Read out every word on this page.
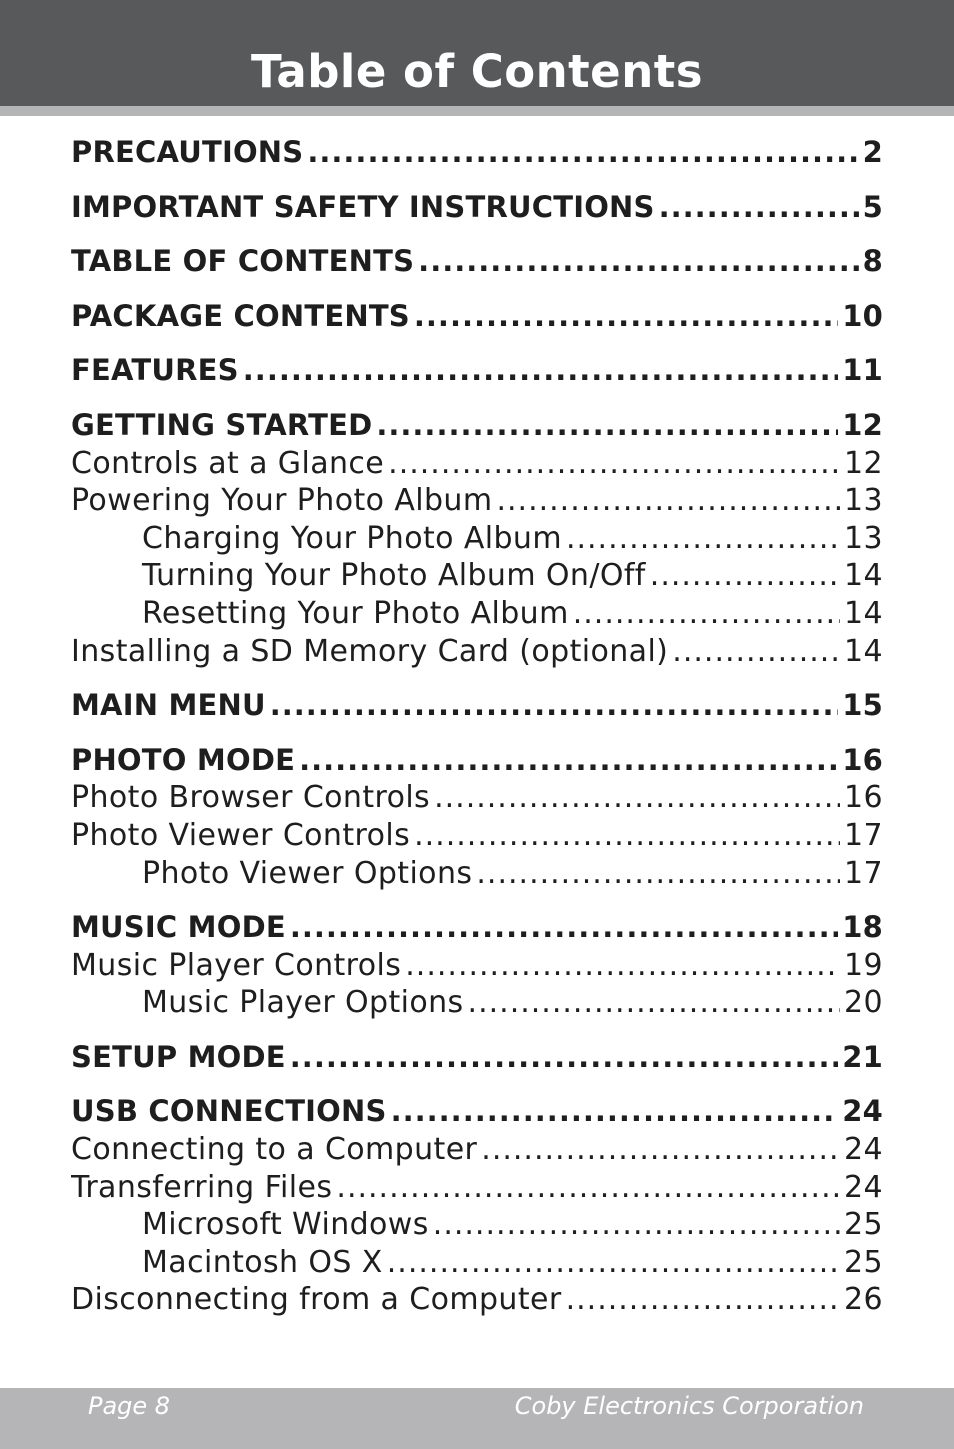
Table of Contents
PRECAUTIONS .....	2
IMPORTANT SAFETY INSTRUCTIONS .....	5
TABLE OF CONTENTS .....	8
PACKAGE CONTENTS .....	10
FEATURES .....	11
GETTING STARTED .....	12
Controls at a Glance .....	12
Powering Your Photo Album .....	13
Charging Your Photo Album .....	13
Turning Your Photo Album On/Off .....	14
Resetting Your Photo Album .....	14
Installing a SD Memory Card (optional) .....	14
MAIN MENU .....	15
PHOTO MODE .....	16
Photo Browser Controls .....	16
Photo Viewer Controls .....	17
Photo Viewer Options .....	17
MUSIC MODE .....	18
Music Player Controls .....	19
Music Player Options .....	20
SETUP MODE .....	21
USB CONNECTIONS .....	24
Connecting to a Computer .....	24
Transferring Files .....	24
Microsoft Windows .....	25
Macintosh OS X .....	25
Disconnecting from a Computer .....	26
Page 8	Coby Electronics Corporation
